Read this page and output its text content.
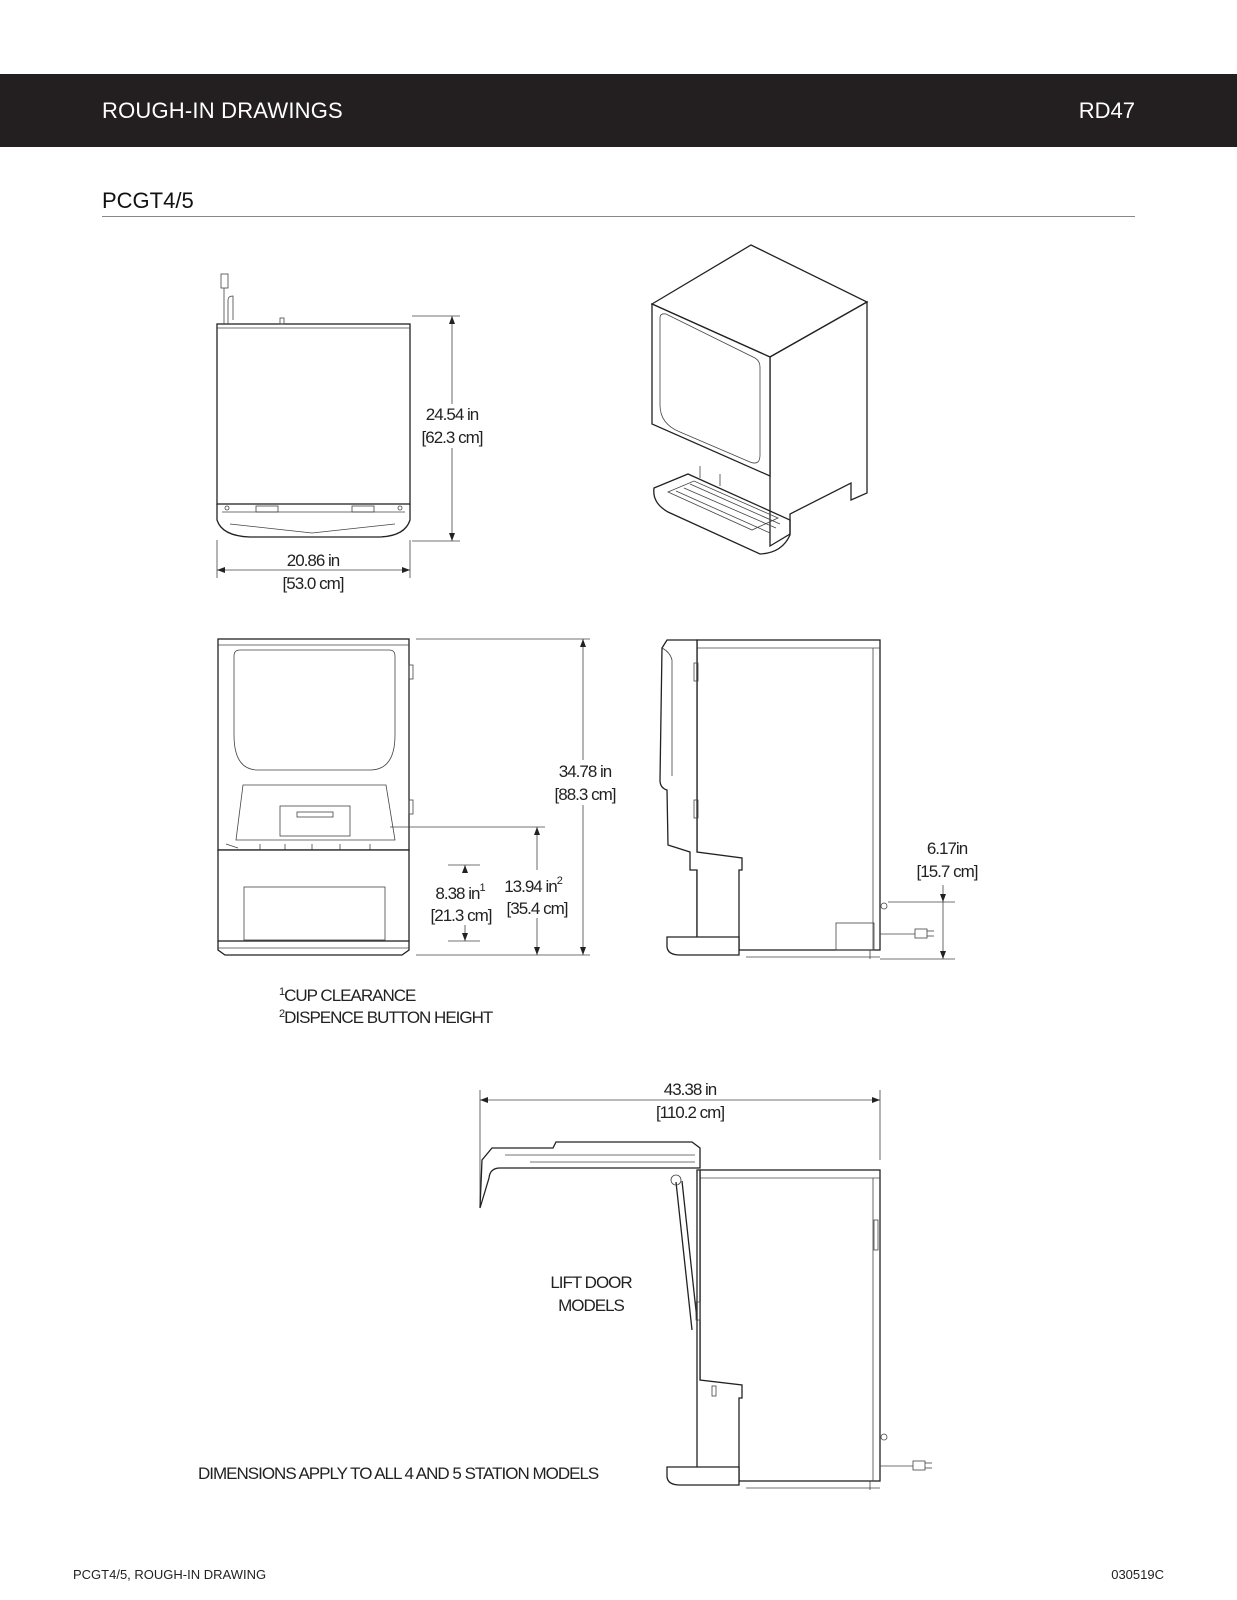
ROUGH-IN DRAWINGS	RD47
PCGT4/5
24.54 in
[62.3 cm]
20.86 in
[53.0 cm]
34.78 in
[88.3 cm]
13.94 $in^2$
[35.4 cm]
8.38 $in^1$
[21.3 cm]
6.17in
[15.7 cm]
$^1$CUP CLEARANCE
$^2$DISPENCE BUTTON HEIGHT
43.38 in
[110.2 cm]
LIFT DOOR
MODELS
DIMENSIONS APPLY TO ALL 4 AND 5 STATION MODELS
PCGT4/5, ROUGH-IN DRAWING	030519C
